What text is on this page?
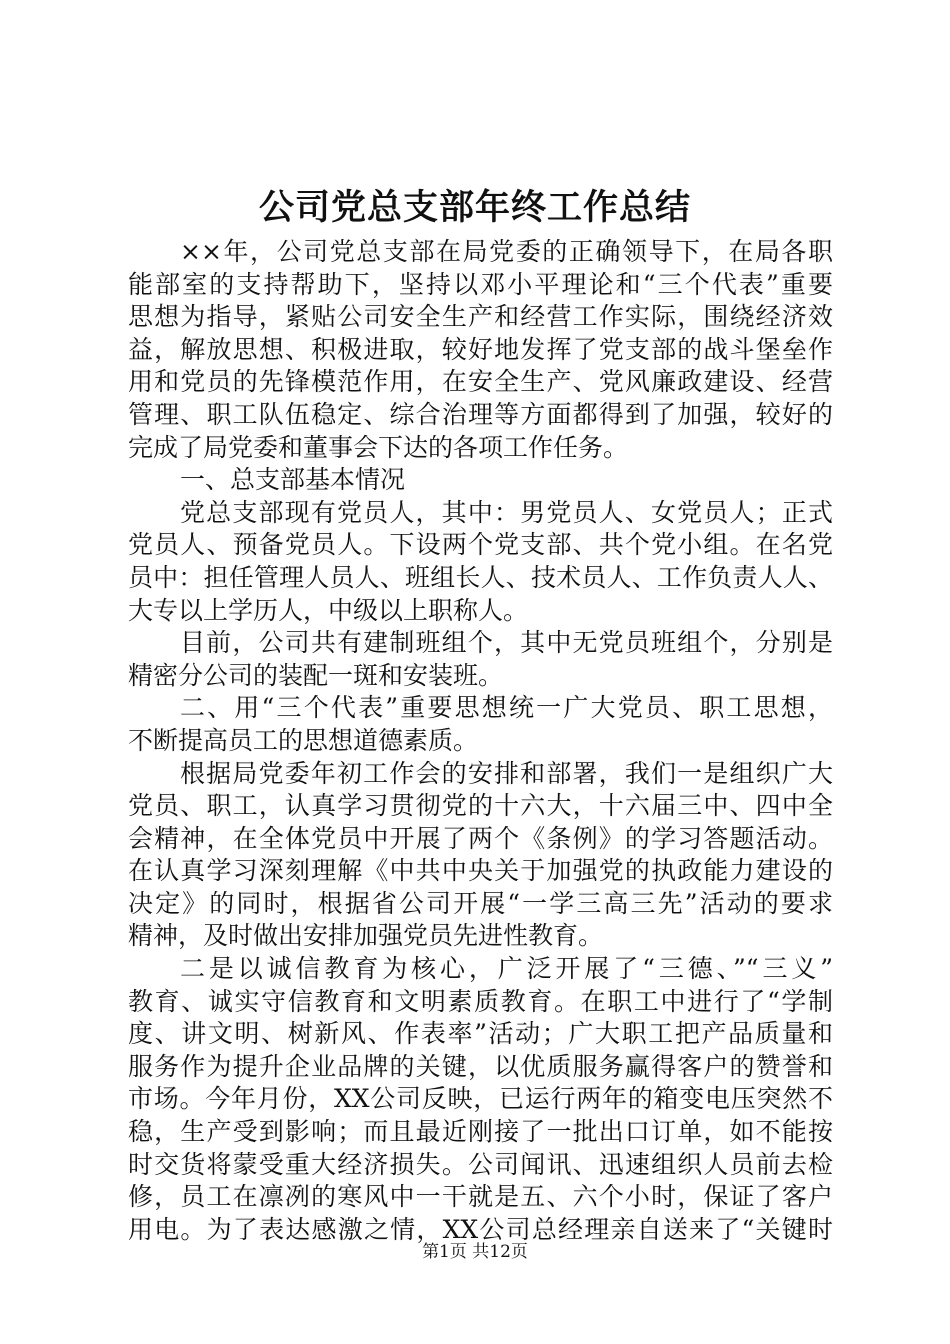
公司党总支部年终工作总结
××年，公司党总支部在局党委的正确领导下，在局各职
能部室的支持帮助下，坚持以邓小平理论和“三个代表”重要
思想为指导，紧贴公司安全生产和经营工作实际，围绕经济效
益，解放思想、积极进取，较好地发挥了党支部的战斗堡垒作
用和党员的先锋模范作用，在安全生产、党风廉政建设、经营
管理、职工队伍稳定、综合治理等方面都得到了加强，较好的
完成了局党委和董事会下达的各项工作任务。
一、总支部基本情况
党总支部现有党员人，其中：男党员人、女党员人；正式
党员人、预备党员人。下设两个党支部、共个党小组。在名党
员中：担任管理人员人、班组长人、技术员人、工作负责人人、
大专以上学历人，中级以上职称人。
目前，公司共有建制班组个，其中无党员班组个，分别是
精密分公司的装配一斑和安装班。
二、用“三个代表”重要思想统一广大党员、职工思想，
不断提高员工的思想道德素质。
根据局党委年初工作会的安排和部署，我们一是组织广大
党员、职工，认真学习贯彻党的十六大，十六届三中、四中全
会精神，在全体党员中开展了两个《条例》的学习答题活动。
在认真学习深刻理解《中共中央关于加强党的执政能力建设的
决定》的同时，根据省公司开展“一学三高三先”活动的要求
精神，及时做出安排加强党员先进性教育。
二是以诚信教育为核心，广泛开展了“三德、”“三义”
教育、诚实守信教育和文明素质教育。在职工中进行了“学制
度、讲文明、树新风、作表率”活动；广大职工把产品质量和
服务作为提升企业品牌的关键，以优质服务赢得客户的赞誉和
市场。今年月份，XX公司反映，已运行两年的箱变电压突然不
稳，生产受到影响；而且最近刚接了一批出口订单，如不能按
时交货将蒙受重大经济损失。公司闻讯、迅速组织人员前去检
修，员工在凛冽的寒风中一干就是五、六个小时，保证了客户
用电。为了表达感激之情，XX公司总经理亲自送来了“关键时
第1页 共12页
